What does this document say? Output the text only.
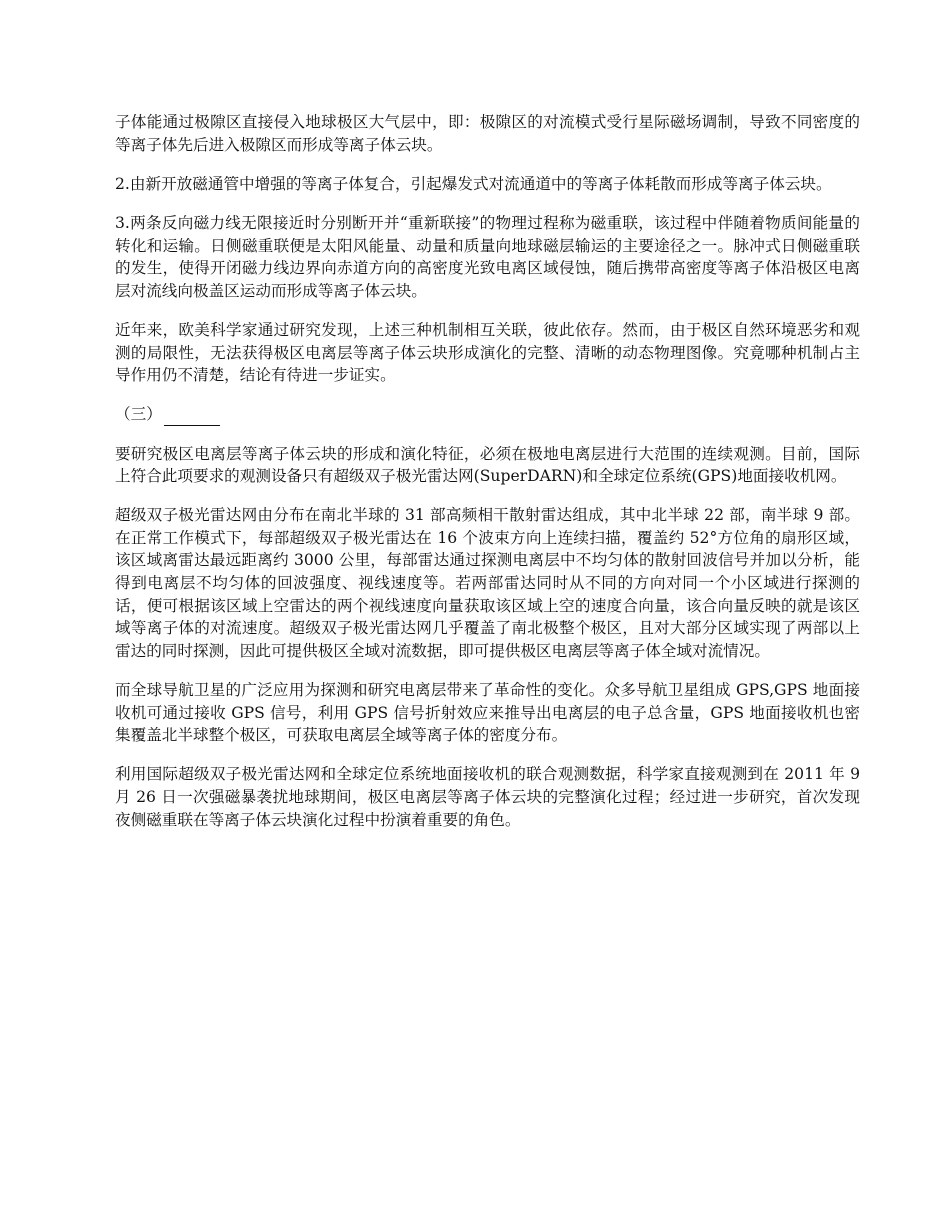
子体能通过极隙区直接侵入地球极区大气层中，即：极隙区的对流模式受行星际磁场调制，导致不同密度的等离子体先后进入极隙区而形成等离子体云块。

2.由新开放磁通管中增强的等离子体复合，引起爆发式对流通道中的等离子体耗散而形成等离子体云块。

3.两条反向磁力线无限接近时分别断开并“重新联接”的物理过程称为磁重联，该过程中伴随着物质间能量的转化和运输。日侧磁重联便是太阳风能量、动量和质量向地球磁层输运的主要途径之一。脉冲式日侧磁重联的发生，使得开闭磁力线边界向赤道方向的高密度光致电离区域侵蚀，随后携带高密度等离子体沿极区电离层对流线向极盖区运动而形成等离子体云块。

近年来，欧美科学家通过研究发现，上述三种机制相互关联，彼此依存。然而，由于极区自然环境恶劣和观测的局限性，无法获得极区电离层等离子体云块形成演化的完整、清晰的动态物理图像。究竟哪种机制占主导作用仍不清楚，结论有待进一步证实。

（三）

要研究极区电离层等离子体云块的形成和演化特征，必须在极地电离层进行大范围的连续观测。目前，国际上符合此项要求的观测设备只有超级双子极光雷达网(SuperDARN)和全球定位系统(GPS)地面接收机网。

超级双子极光雷达网由分布在南北半球的 31 部高频相干散射雷达组成，其中北半球 22 部，南半球 9 部。在正常工作模式下，每部超级双子极光雷达在 16 个波束方向上连续扫描，覆盖约 52°方位角的扇形区域，该区域离雷达最远距离约 3000 公里，每部雷达通过探测电离层中不均匀体的散射回波信号并加以分析，能得到电离层不均匀体的回波强度、视线速度等。若两部雷达同时从不同的方向对同一个小区域进行探测的话，便可根据该区域上空雷达的两个视线速度向量获取该区域上空的速度合向量，该合向量反映的就是该区域等离子体的对流速度。超级双子极光雷达网几乎覆盖了南北极整个极区，且对大部分区域实现了两部以上雷达的同时探测，因此可提供极区全域对流数据，即可提供极区电离层等离子体全域对流情况。

而全球导航卫星的广泛应用为探测和研究电离层带来了革命性的变化。众多导航卫星组成 GPS,GPS 地面接收机可通过接收 GPS 信号，利用 GPS 信号折射效应来推导出电离层的电子总含量，GPS 地面接收机也密集覆盖北半球整个极区，可获取电离层全域等离子体的密度分布。

利用国际超级双子极光雷达网和全球定位系统地面接收机的联合观测数据，科学家直接观测到在 2011 年 9 月 26 日一次强磁暴袭扰地球期间，极区电离层等离子体云块的完整演化过程；经过进一步研究，首次发现夜侧磁重联在等离子体云块演化过程中扮演着重要的角色。
